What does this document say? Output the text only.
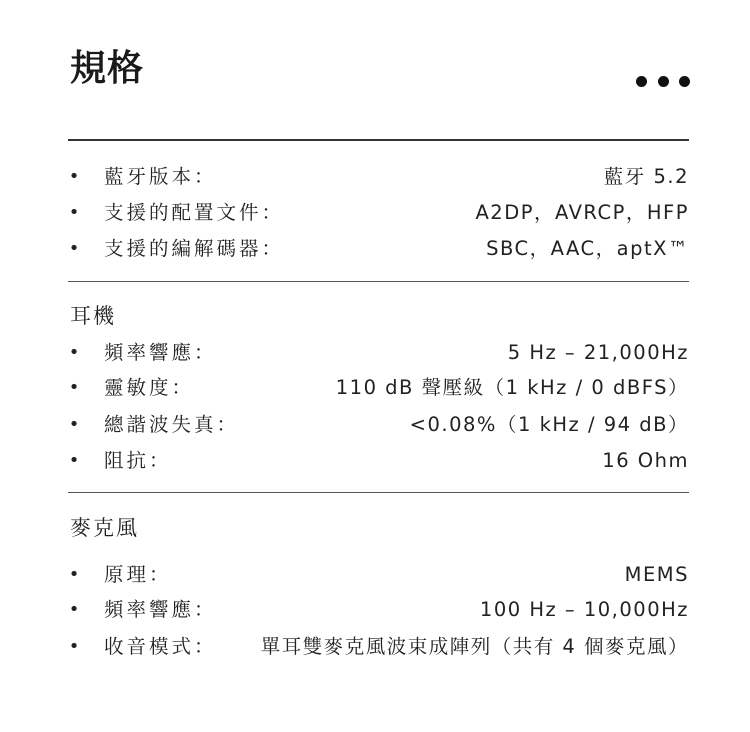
規格
• 藍牙版本：	藍牙 5.2
• 支援的配置文件：	A2DP，AVRCP，HFP
• 支援的編解碼器：	SBC，AAC，aptX™
耳機
• 頻率響應：	5 Hz – 21,000Hz
• 靈敏度：	110 dB 聲壓級（1 kHz / 0 dBFS）
• 總諧波失真：	<0.08%（1 kHz / 94 dB）
• 阻抗：	16 Ohm
麥克風
• 原理：	MEMS
• 頻率響應：	100 Hz – 10,000Hz
• 收音模式： 單耳雙麥克風波束成陣列（共有 4 個麥克風）
